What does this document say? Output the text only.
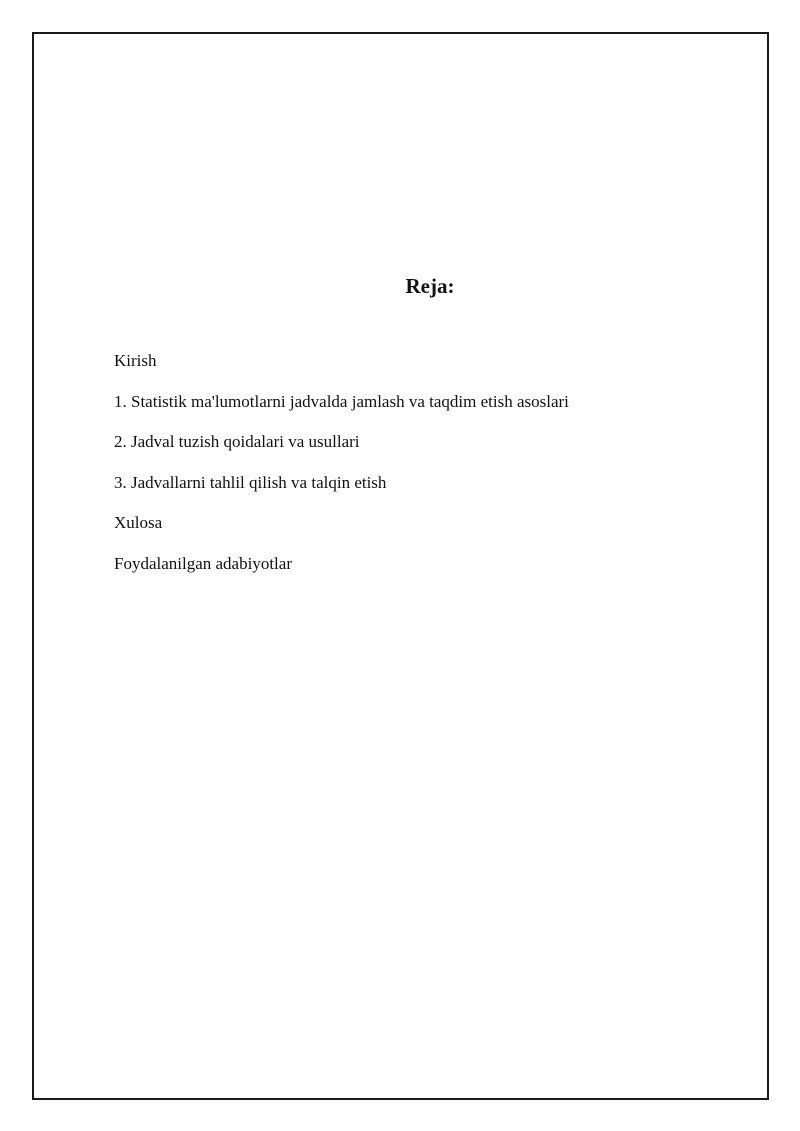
Reja:
Kirish
1. Statistik ma'lumotlarni jadvalda jamlash va taqdim etish asoslari
2. Jadval tuzish qoidalari va usullari
3. Jadvallarni tahlil qilish va talqin etish
Xulosa
Foydalanilgan adabiyotlar
